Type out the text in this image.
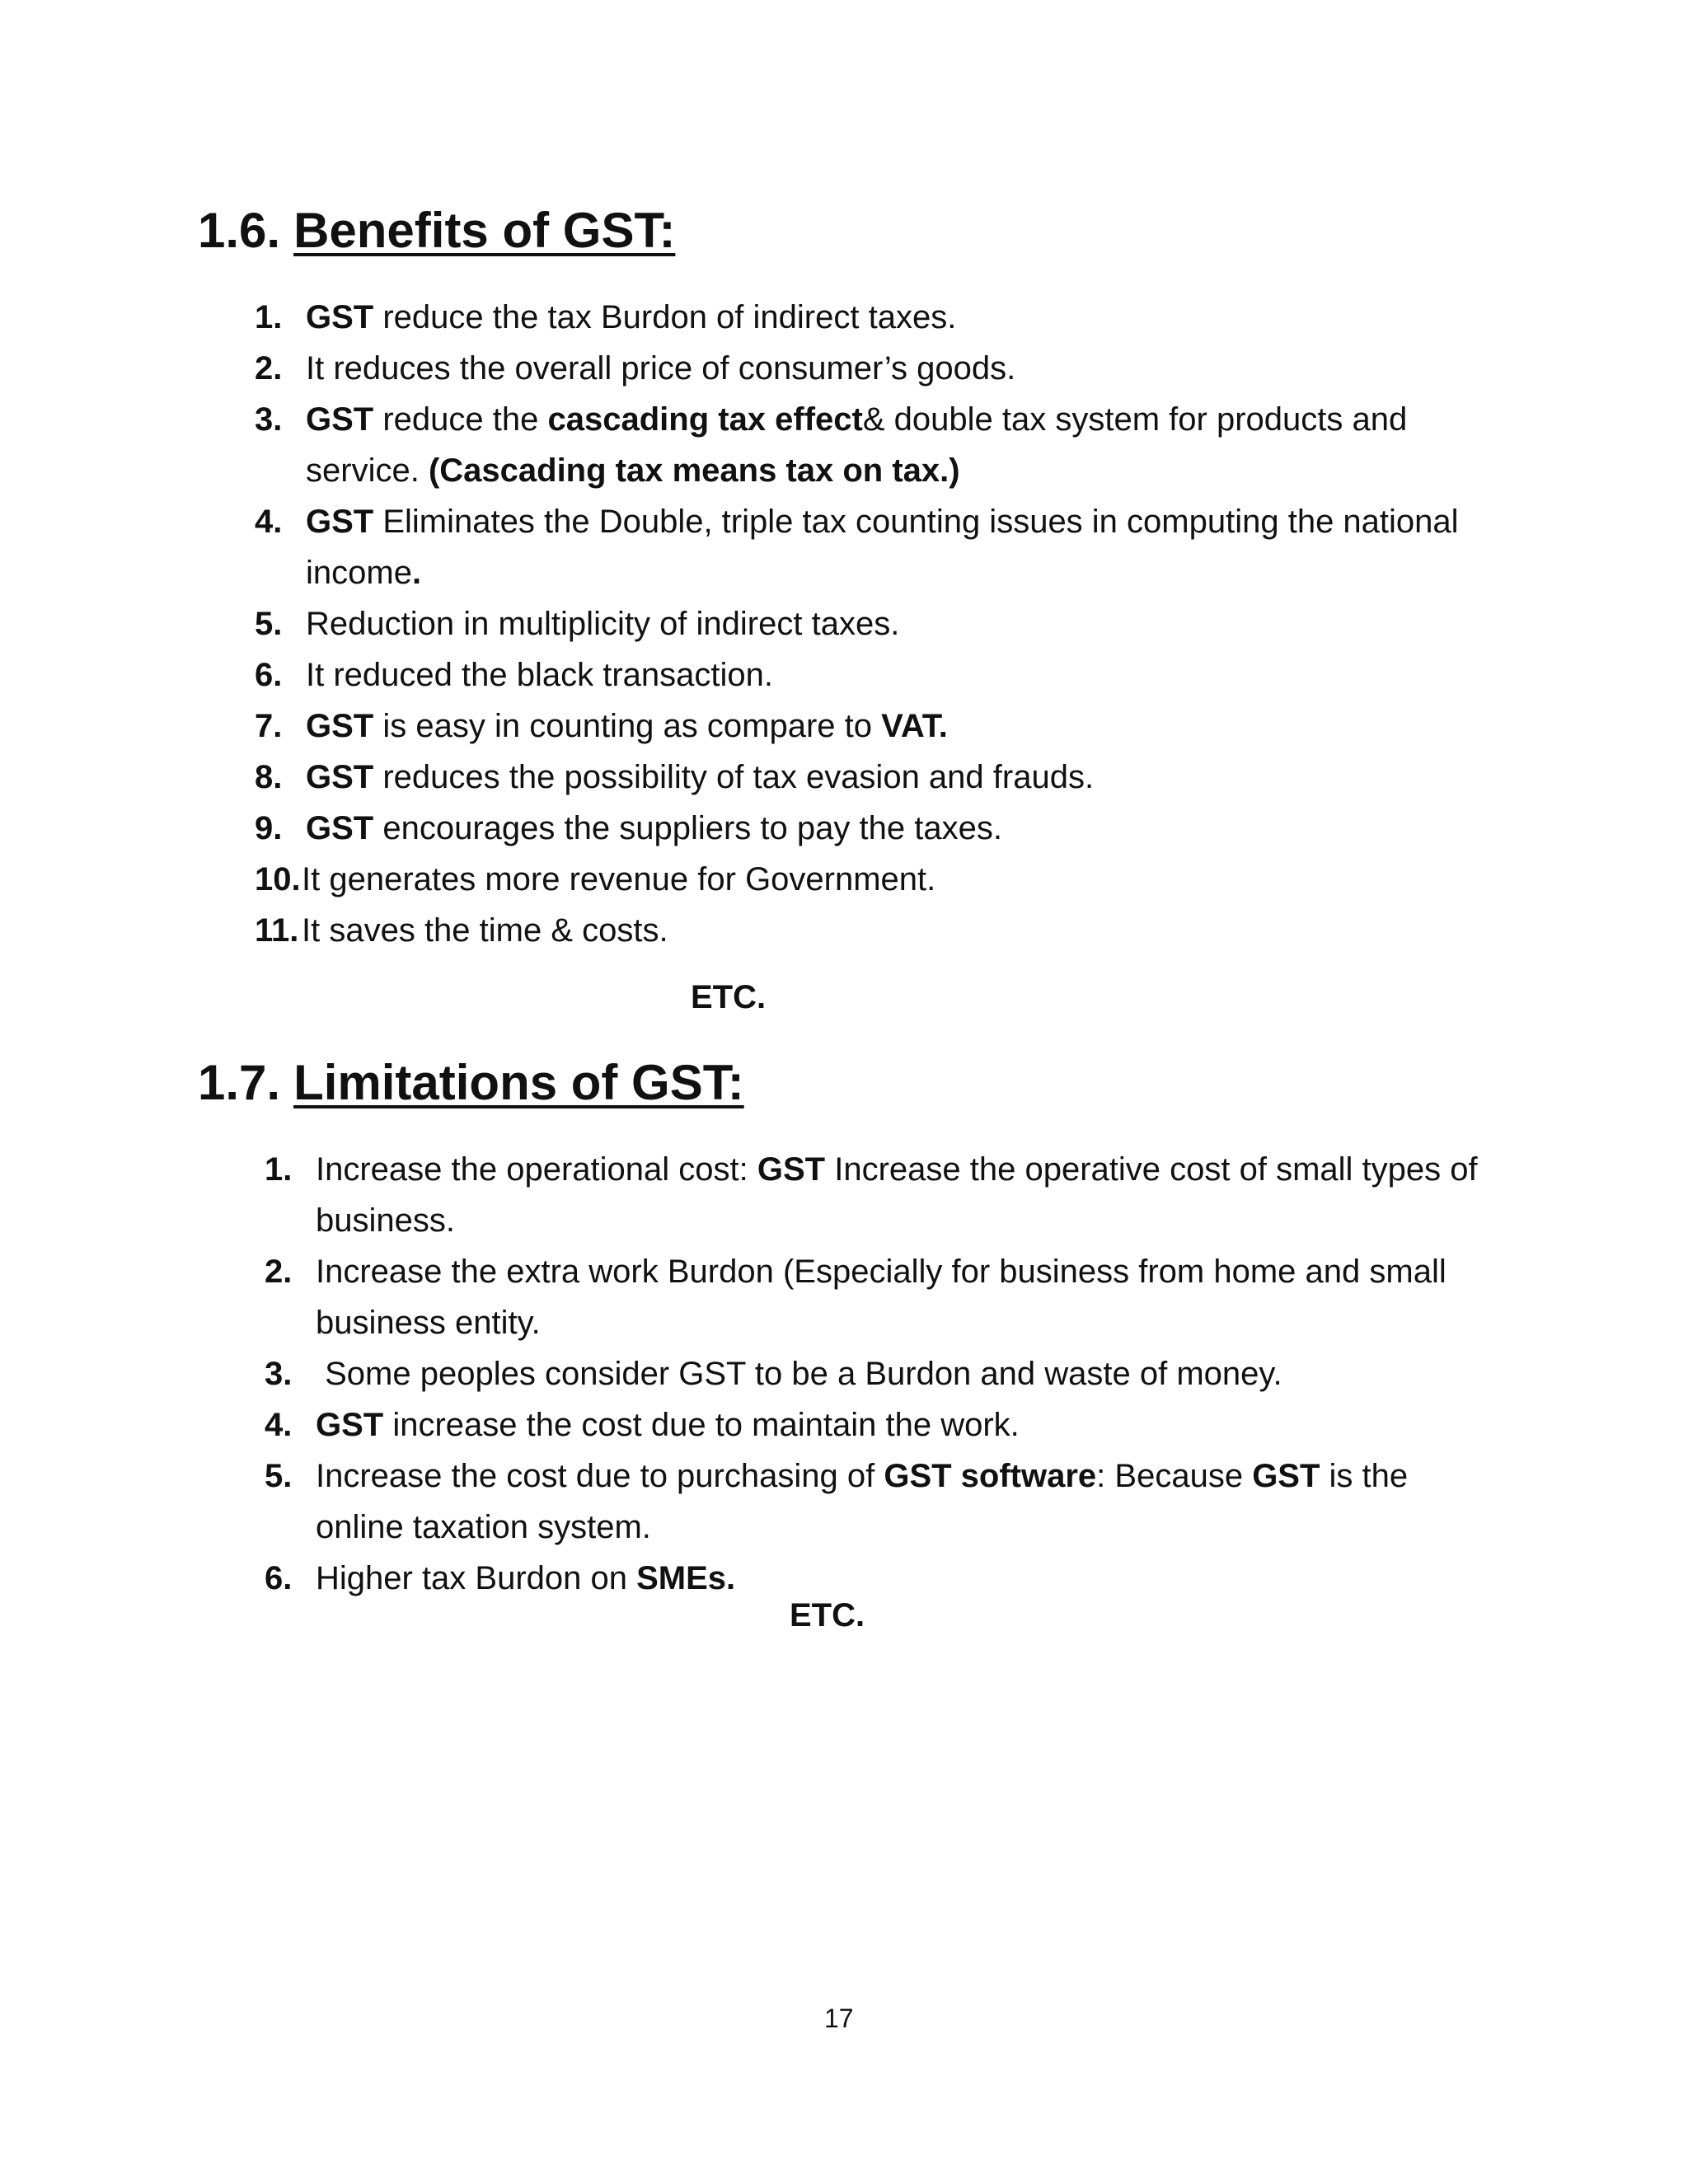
1.6. Benefits of GST:
1. GST reduce the tax Burdon of indirect taxes.
2. It reduces the overall price of consumer’s goods.
3. GST reduce the cascading tax effect& double tax system for products and service. (Cascading tax means tax on tax.)
4. GST Eliminates the Double, triple tax counting issues in computing the national income.
5. Reduction in multiplicity of indirect taxes.
6. It reduced the black transaction.
7. GST is easy in counting as compare to VAT.
8. GST reduces the possibility of tax evasion and frauds.
9. GST encourages the suppliers to pay the taxes.
10. It generates more revenue for Government.
11. It saves the time & costs.

ETC.

1.7. Limitations of GST:
1. Increase the operational cost: GST Increase the operative cost of small types of business.
2. Increase the extra work Burdon (Especially for business from home and small business entity.
3. Some peoples consider GST to be a Burdon and waste of money.
4. GST increase the cost due to maintain the work.
5. Increase the cost due to purchasing of GST software: Because GST is the online taxation system.
6. Higher tax Burdon on SMEs.

ETC.

17
